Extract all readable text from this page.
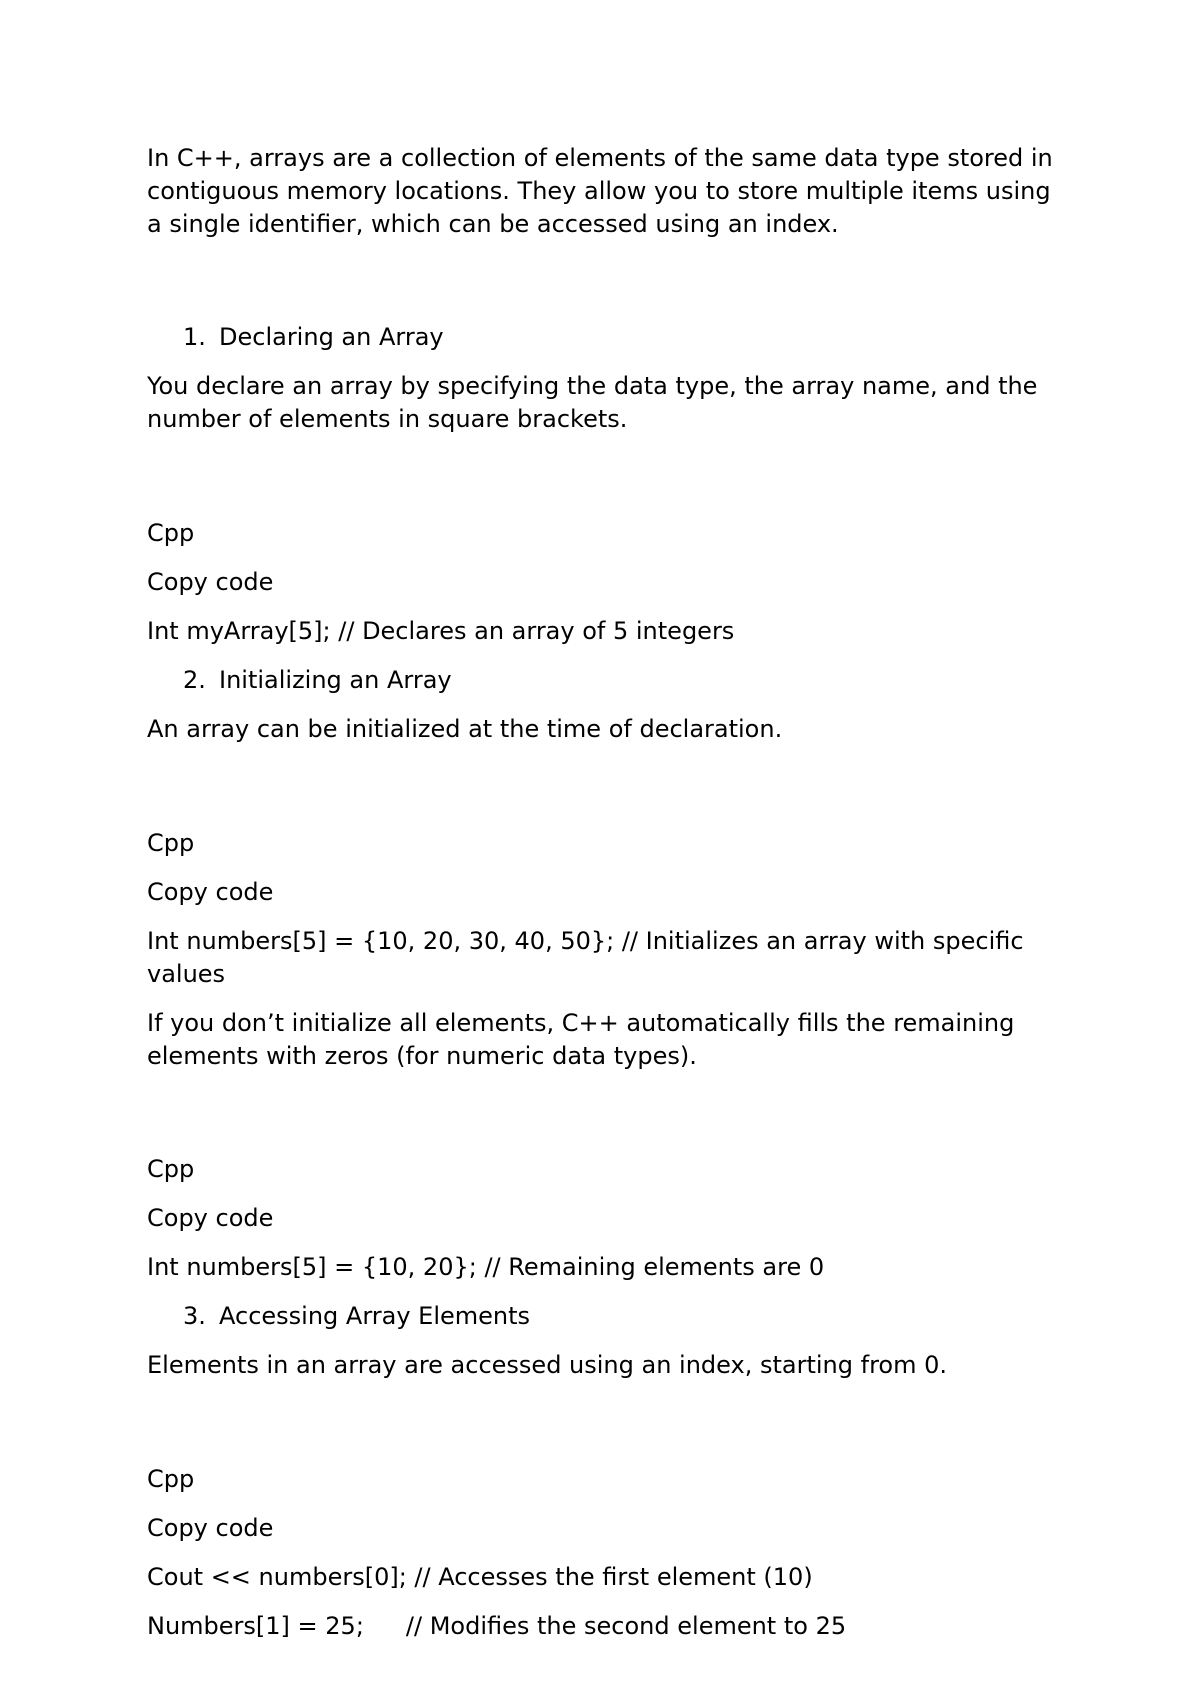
In C++, arrays are a collection of elements of the same data type stored in contiguous memory locations. They allow you to store multiple items using a single identifier, which can be accessed using an index.

1. Declaring an Array

You declare an array by specifying the data type, the array name, and the number of elements in square brackets.

Cpp

Copy code

Int myArray[5]; // Declares an array of 5 integers

2. Initializing an Array

An array can be initialized at the time of declaration.

Cpp

Copy code

Int numbers[5] = {10, 20, 30, 40, 50}; // Initializes an array with specific values

If you don’t initialize all elements, C++ automatically fills the remaining elements with zeros (for numeric data types).

Cpp

Copy code

Int numbers[5] = {10, 20}; // Remaining elements are 0

3. Accessing Array Elements

Elements in an array are accessed using an index, starting from 0.

Cpp

Copy code

Cout << numbers[0]; // Accesses the first element (10)

Numbers[1] = 25; // Modifies the second element to 25
